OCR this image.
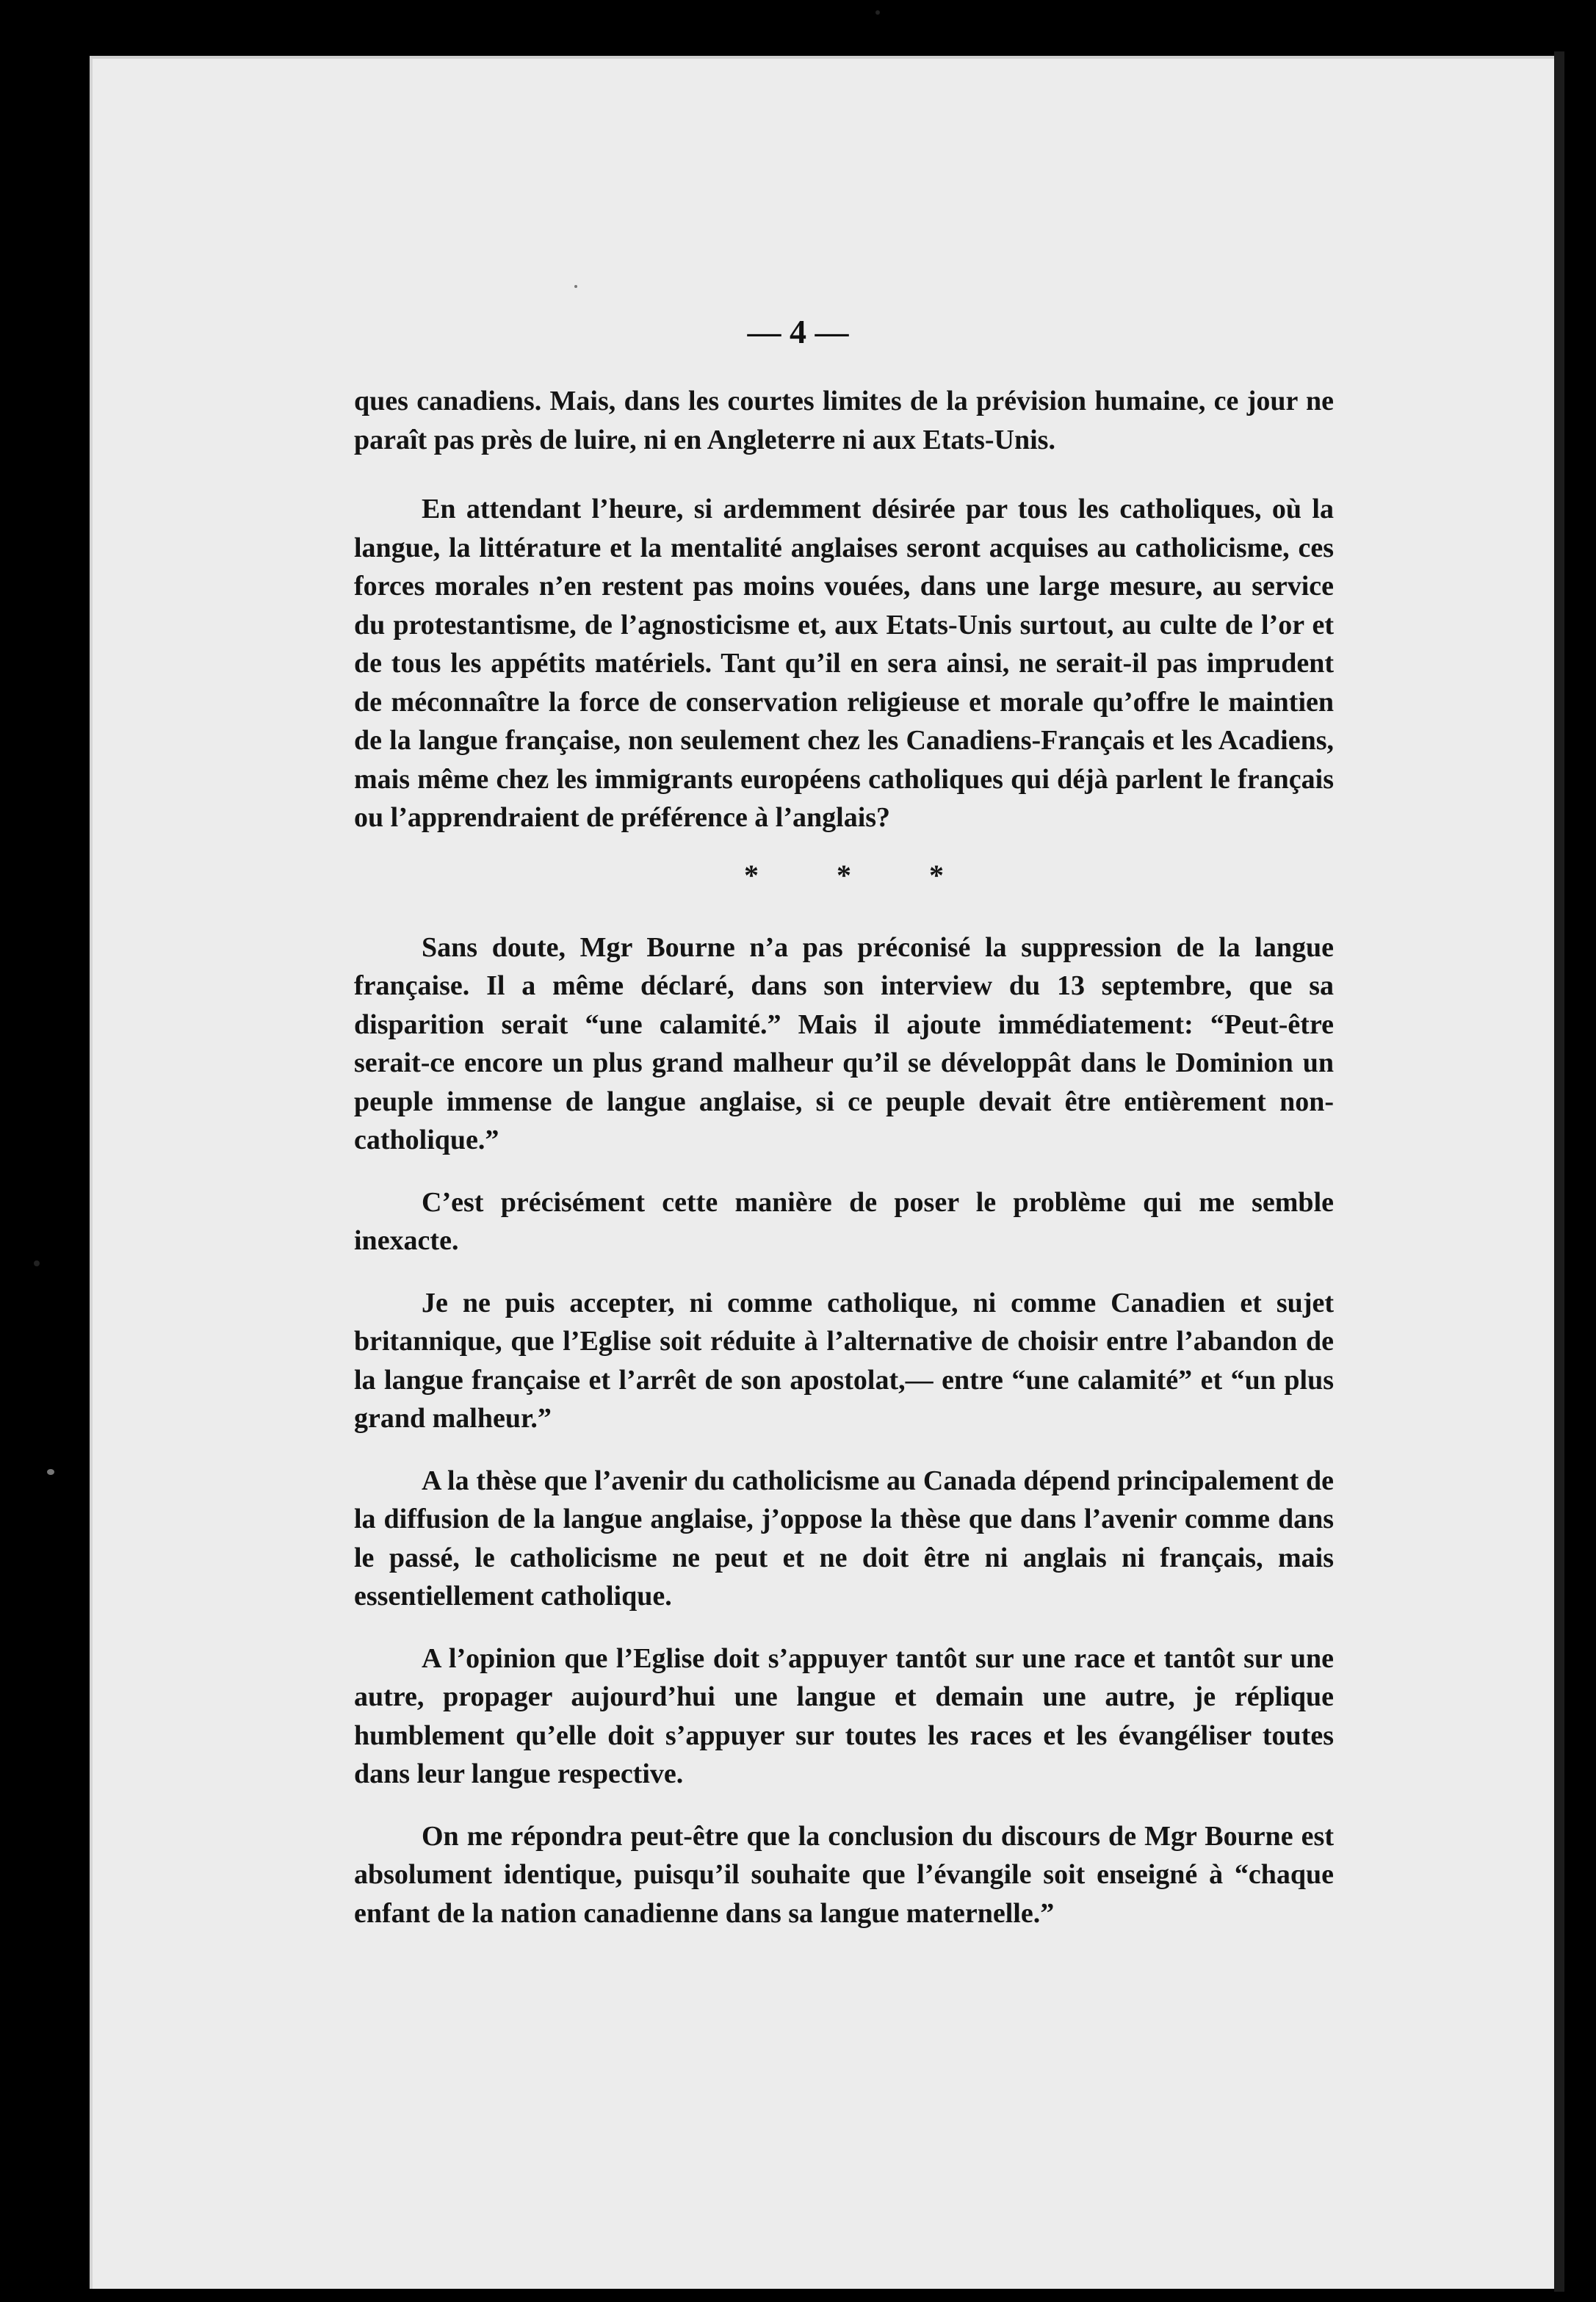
— 4 —

ques canadiens. Mais, dans les courtes limites de la prévision humaine, ce jour ne paraît pas près de luire, ni en Angleterre ni aux Etats-Unis.

En attendant l’heure, si ardemment désirée par tous les catholiques, où la langue, la littérature et la mentalité anglaises seront acquises au catholicisme, ces forces morales n’en restent pas moins vouées, dans une large mesure, au service du protestantisme, de l’agnosticisme et, aux Etats-Unis surtout, au culte de l’or et de tous les appétits matériels. Tant qu’il en sera ainsi, ne serait-il pas imprudent de méconnaître la force de conservation religieuse et morale qu’offre le maintien de la langue française, non seulement chez les Canadiens-Français et les Acadiens, mais même chez les immigrants européens catholiques qui déjà parlent le français ou l’apprendraient de préférence à l’anglais?

* * *

Sans doute, Mgr Bourne n’a pas préconisé la suppression de la langue française. Il a même déclaré, dans son interview du 13 septembre, que sa disparition serait “une calamité.” Mais il ajoute immédiatement: “Peut-être serait-ce encore un plus grand malheur qu’il se développât dans le Dominion un peuple immense de langue anglaise, si ce peuple devait être entièrement non-catholique.”

C’est précisément cette manière de poser le problème qui me semble inexacte.

Je ne puis accepter, ni comme catholique, ni comme Canadien et sujet britannique, que l’Eglise soit réduite à l’alternative de choisir entre l’abandon de la langue française et l’arrêt de son apostolat,— entre “une calamité” et “un plus grand malheur.”

A la thèse que l’avenir du catholicisme au Canada dépend principalement de la diffusion de la langue anglaise, j’oppose la thèse que dans l’avenir comme dans le passé, le catholicisme ne peut et ne doit être ni anglais ni français, mais essentiellement catholique.

A l’opinion que l’Eglise doit s’appuyer tantôt sur une race et tantôt sur une autre, propager aujourd’hui une langue et demain une autre, je réplique humblement qu’elle doit s’appuyer sur toutes les races et les évangéliser toutes dans leur langue respective.

On me répondra peut-être que la conclusion du discours de Mgr Bourne est absolument identique, puisqu’il souhaite que l’évangile soit enseigné à “chaque enfant de la nation canadienne dans sa langue maternelle.”
